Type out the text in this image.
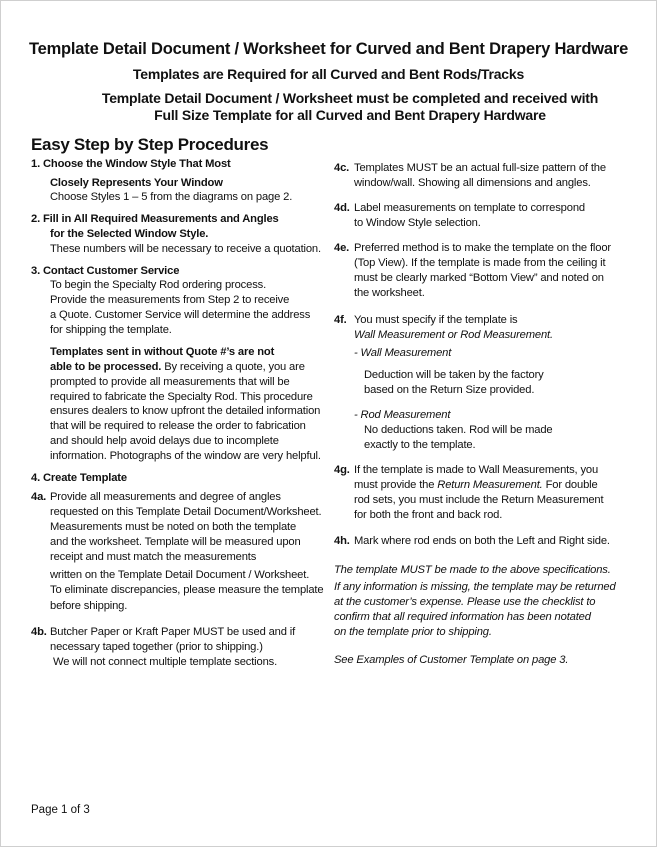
Template Detail Document / Worksheet for Curved and Bent Drapery Hardware
Templates are Required for all Curved and Bent Rods/Tracks
Template Detail Document / Worksheet must be completed and received with
Full Size Template for all Curved and Bent Drapery Hardware
Easy Step by Step Procedures
1. Choose the Window Style That Most
Closely Represents Your Window
Choose Styles 1 – 5 from the diagrams on page 2.
2. Fill in All Required Measurements and Angles
for the Selected Window Style.
These numbers will be necessary to receive a quotation.
3. Contact Customer Service
To begin the Specialty Rod ordering process.
Provide the measurements from Step 2 to receive
a Quote. Customer Service will determine the address
for shipping the template.
Templates sent in without Quote #’s are not
able to be processed. By receiving a quote, you are
prompted to provide all measurements that will be
required to fabricate the Specialty Rod. This procedure
ensures dealers to know upfront the detailed information
that will be required to release the order to fabrication
and should help avoid delays due to incomplete
information. Photographs of the window are very helpful.
4. Create Template
4a. Provide all measurements and degree of angles
requested on this Template Detail Document/Worksheet.
Measurements must be noted on both the template
and the worksheet. Template will be measured upon
receipt and must match the measurements
written on the Template Detail Document / Worksheet.
To eliminate discrepancies, please measure the template
before shipping.
4b. Butcher Paper or Kraft Paper MUST be used and if
necessary taped together (prior to shipping.)
We will not connect multiple template sections.
4c. Templates MUST be an actual full-size pattern of the
window/wall. Showing all dimensions and angles.
4d. Label measurements on template to correspond
to Window Style selection.
4e. Preferred method is to make the template on the floor
(Top View). If the template is made from the ceiling it
must be clearly marked “Bottom View” and noted on
the worksheet.
4f. You must specify if the template is
Wall Measurement or Rod Measurement.
- Wall Measurement
Deduction will be taken by the factory
based on the Return Size provided.
- Rod Measurement
No deductions taken. Rod will be made
exactly to the template.
4g. If the template is made to Wall Measurements, you
must provide the Return Measurement. For double
rod sets, you must include the Return Measurement
for both the front and back rod.
4h. Mark where rod ends on both the Left and Right side.
The template MUST be made to the above specifications.
If any information is missing, the template may be returned
at the customer’s expense. Please use the checklist to
confirm that all required information has been notated
on the template prior to shipping.
See Examples of Customer Template on page 3.
Page 1 of 3
